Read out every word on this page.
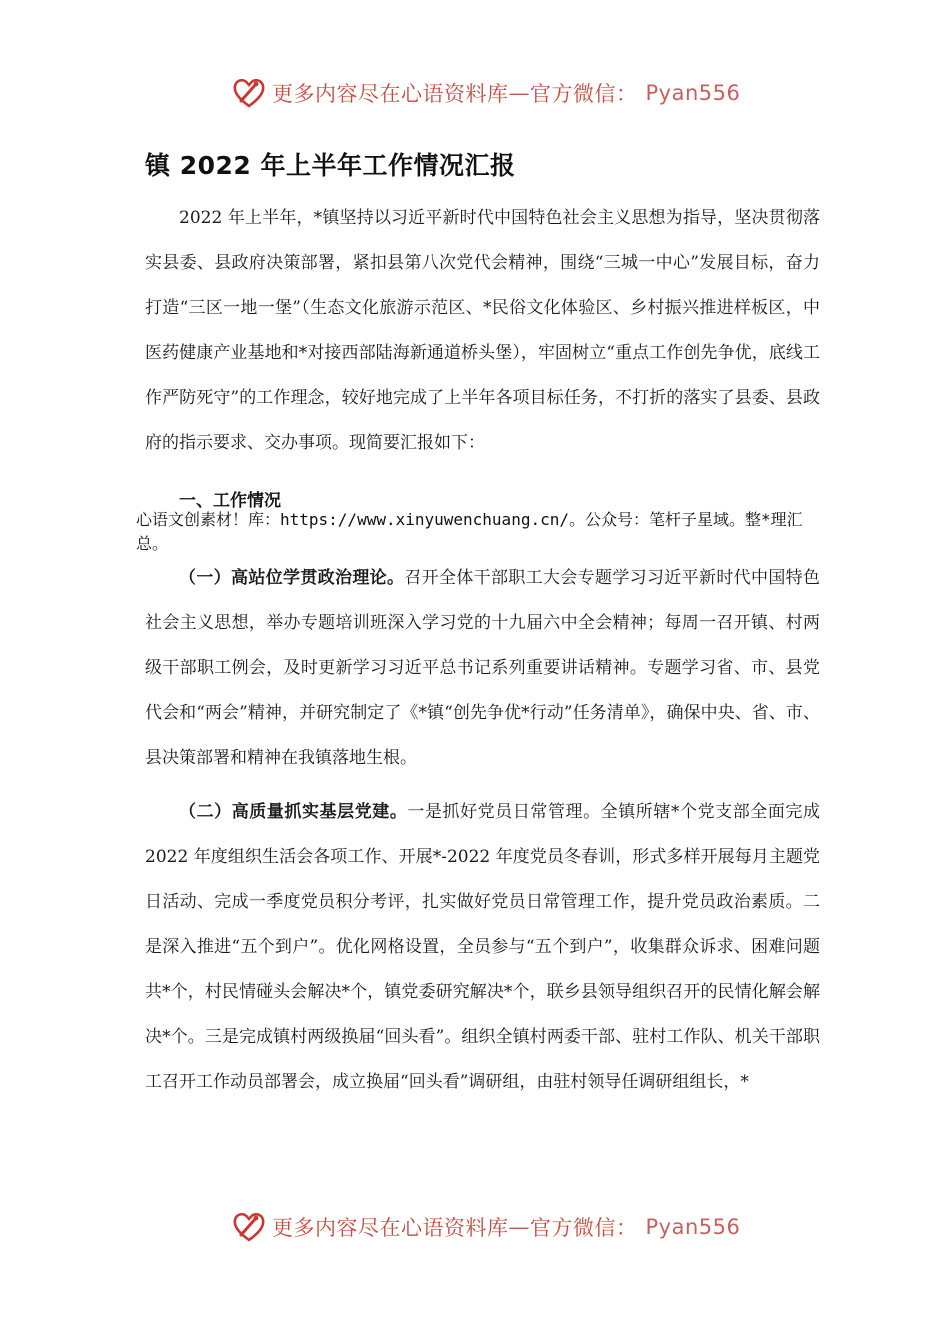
更多内容尽在心语资料库 — 官方微信： Pyan556
镇 2022 年上半年工作情况汇报
2022 年上半年，*镇坚持以习近平新时代中国特色社会主义思想为指导，坚决贯彻落实县委、县政府决策部署，紧扣县第八次党代会精神，围绕“三城一中心”发展目标，奋力打造“三区一地一堡”（生态文化旅游示范区、*民俗文化体验区、乡村振兴推进样板区，中医药健康产业基地和*对接西部陆海新通道桥头堡），牢固树立“重点工作创先争优，底线工作严防死守”的工作理念，较好地完成了上半年各项目标任务，不打折的落实了县委、县政府的指示要求、交办事项。现简要汇报如下：
一、工作情况
心语文创素材！库：https://www.xinyuwenchuang.cn/。公众号：笔杆子星域。整*理汇总。
（一）高站位学贯政治理论。召开全体干部职工大会专题学习习近平新时代中国特色社会主义思想，举办专题培训班深入学习党的十九届六中全会精神；每周一召开镇、村两级干部职工例会，及时更新学习习近平总书记系列重要讲话精神。专题学习省、市、县党代会和“两会”精神，并研究制定了《*镇“创先争优*行动”任务清单》，确保中央、省、市、县决策部署和精神在我镇落地生根。
（二）高质量抓实基层党建。一是抓好党员日常管理。全镇所辖*个党支部全面完成 2022 年度组织生活会各项工作、开展*-2022 年度党员冬春训，形式多样开展每月主题党日活动、完成一季度党员积分考评，扎实做好党员日常管理工作，提升党员政治素质。二是深入推进“五个到户”。优化网格设置，全员参与“五个到户”，收集群众诉求、困难问题共*个，村民情碰头会解决*个，镇党委研究解决*个，联乡县领导组织召开的民情化解会解决*个。三是完成镇村两级换届“回头看”。组织全镇村两委干部、驻村工作队、机关干部职工召开工作动员部署会，成立换届“回头看”调研组，由驻村领导任调研组组长，*
更多内容尽在心语资料库 — 官方微信： Pyan556
